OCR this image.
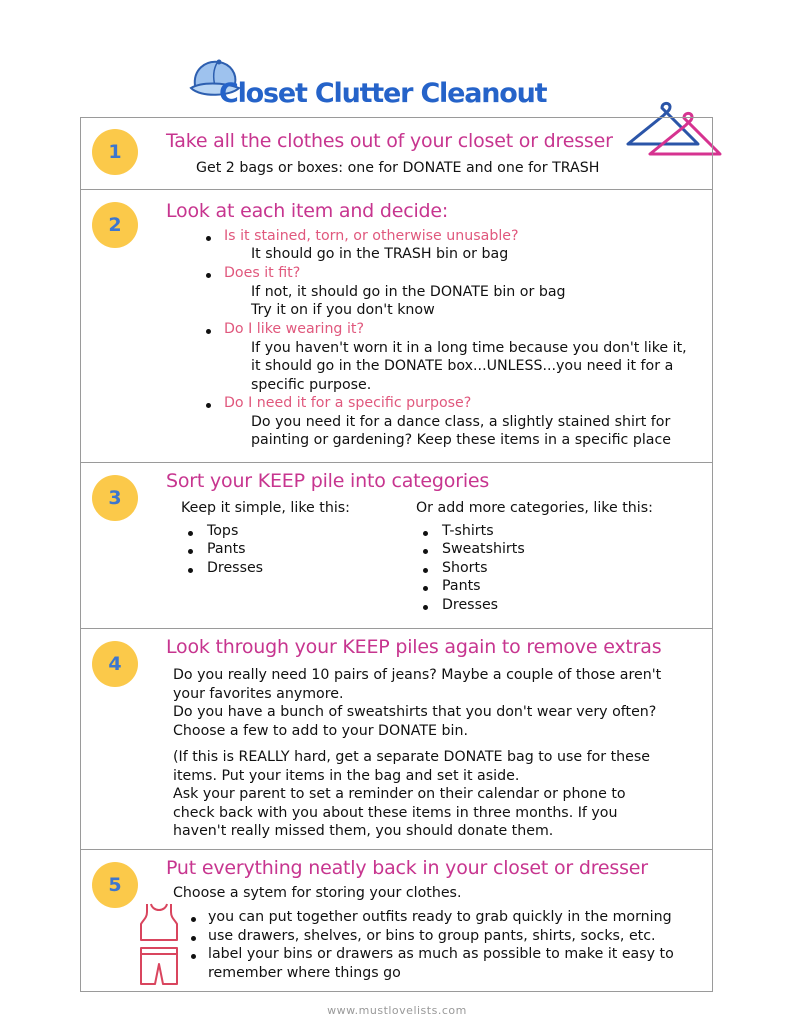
Closet Clutter Cleanout
1	Take all the clothes out of your closet or dresser
Get 2 bags or boxes: one for DONATE and one for TRASH
2
Look at each item and decide:
Is it stained, torn, or otherwise unusable?
It should go in the TRASH bin or bag
Does it fit?
If not, it should go in the DONATE bin or bag
Try it on if you don't know
Do I like wearing it?
If you haven't worn it in a long time because you don't like it,
it should go in the DONATE box...UNLESS...you need it for a
specific purpose.
Do I need it for a specific purpose?
Do you need it for a dance class, a slightly stained shirt for
painting or gardening? Keep these items in a specific place
3
Sort your KEEP pile into categories
Keep it simple, like this:
Tops
Pants
Dresses
Or add more categories, like this:
T-shirts
Sweatshirts
Shorts
Pants
Dresses
4
Look through your KEEP piles again to remove extras
Do you really need 10 pairs of jeans? Maybe a couple of those aren't
your favorites anymore.
Do you have a bunch of sweatshirts that you don't wear very often?
Choose a few to add to your DONATE bin.
(If this is REALLY hard, get a separate DONATE bag to use for these
items. Put your items in the bag and set it aside.
Ask your parent to set a reminder on their calendar or phone to
check back with you about these items in three months. If you
haven't really missed them, you should donate them.
5
Put everything neatly back in your closet or dresser
Choose a sytem for storing your clothes.
you can put together outfits ready to grab quickly in the morning
use drawers, shelves, or bins to group pants, shirts, socks, etc.
label your bins or drawers as much as possible to make it easy to
remember where things go
www.mustlovelists.com
